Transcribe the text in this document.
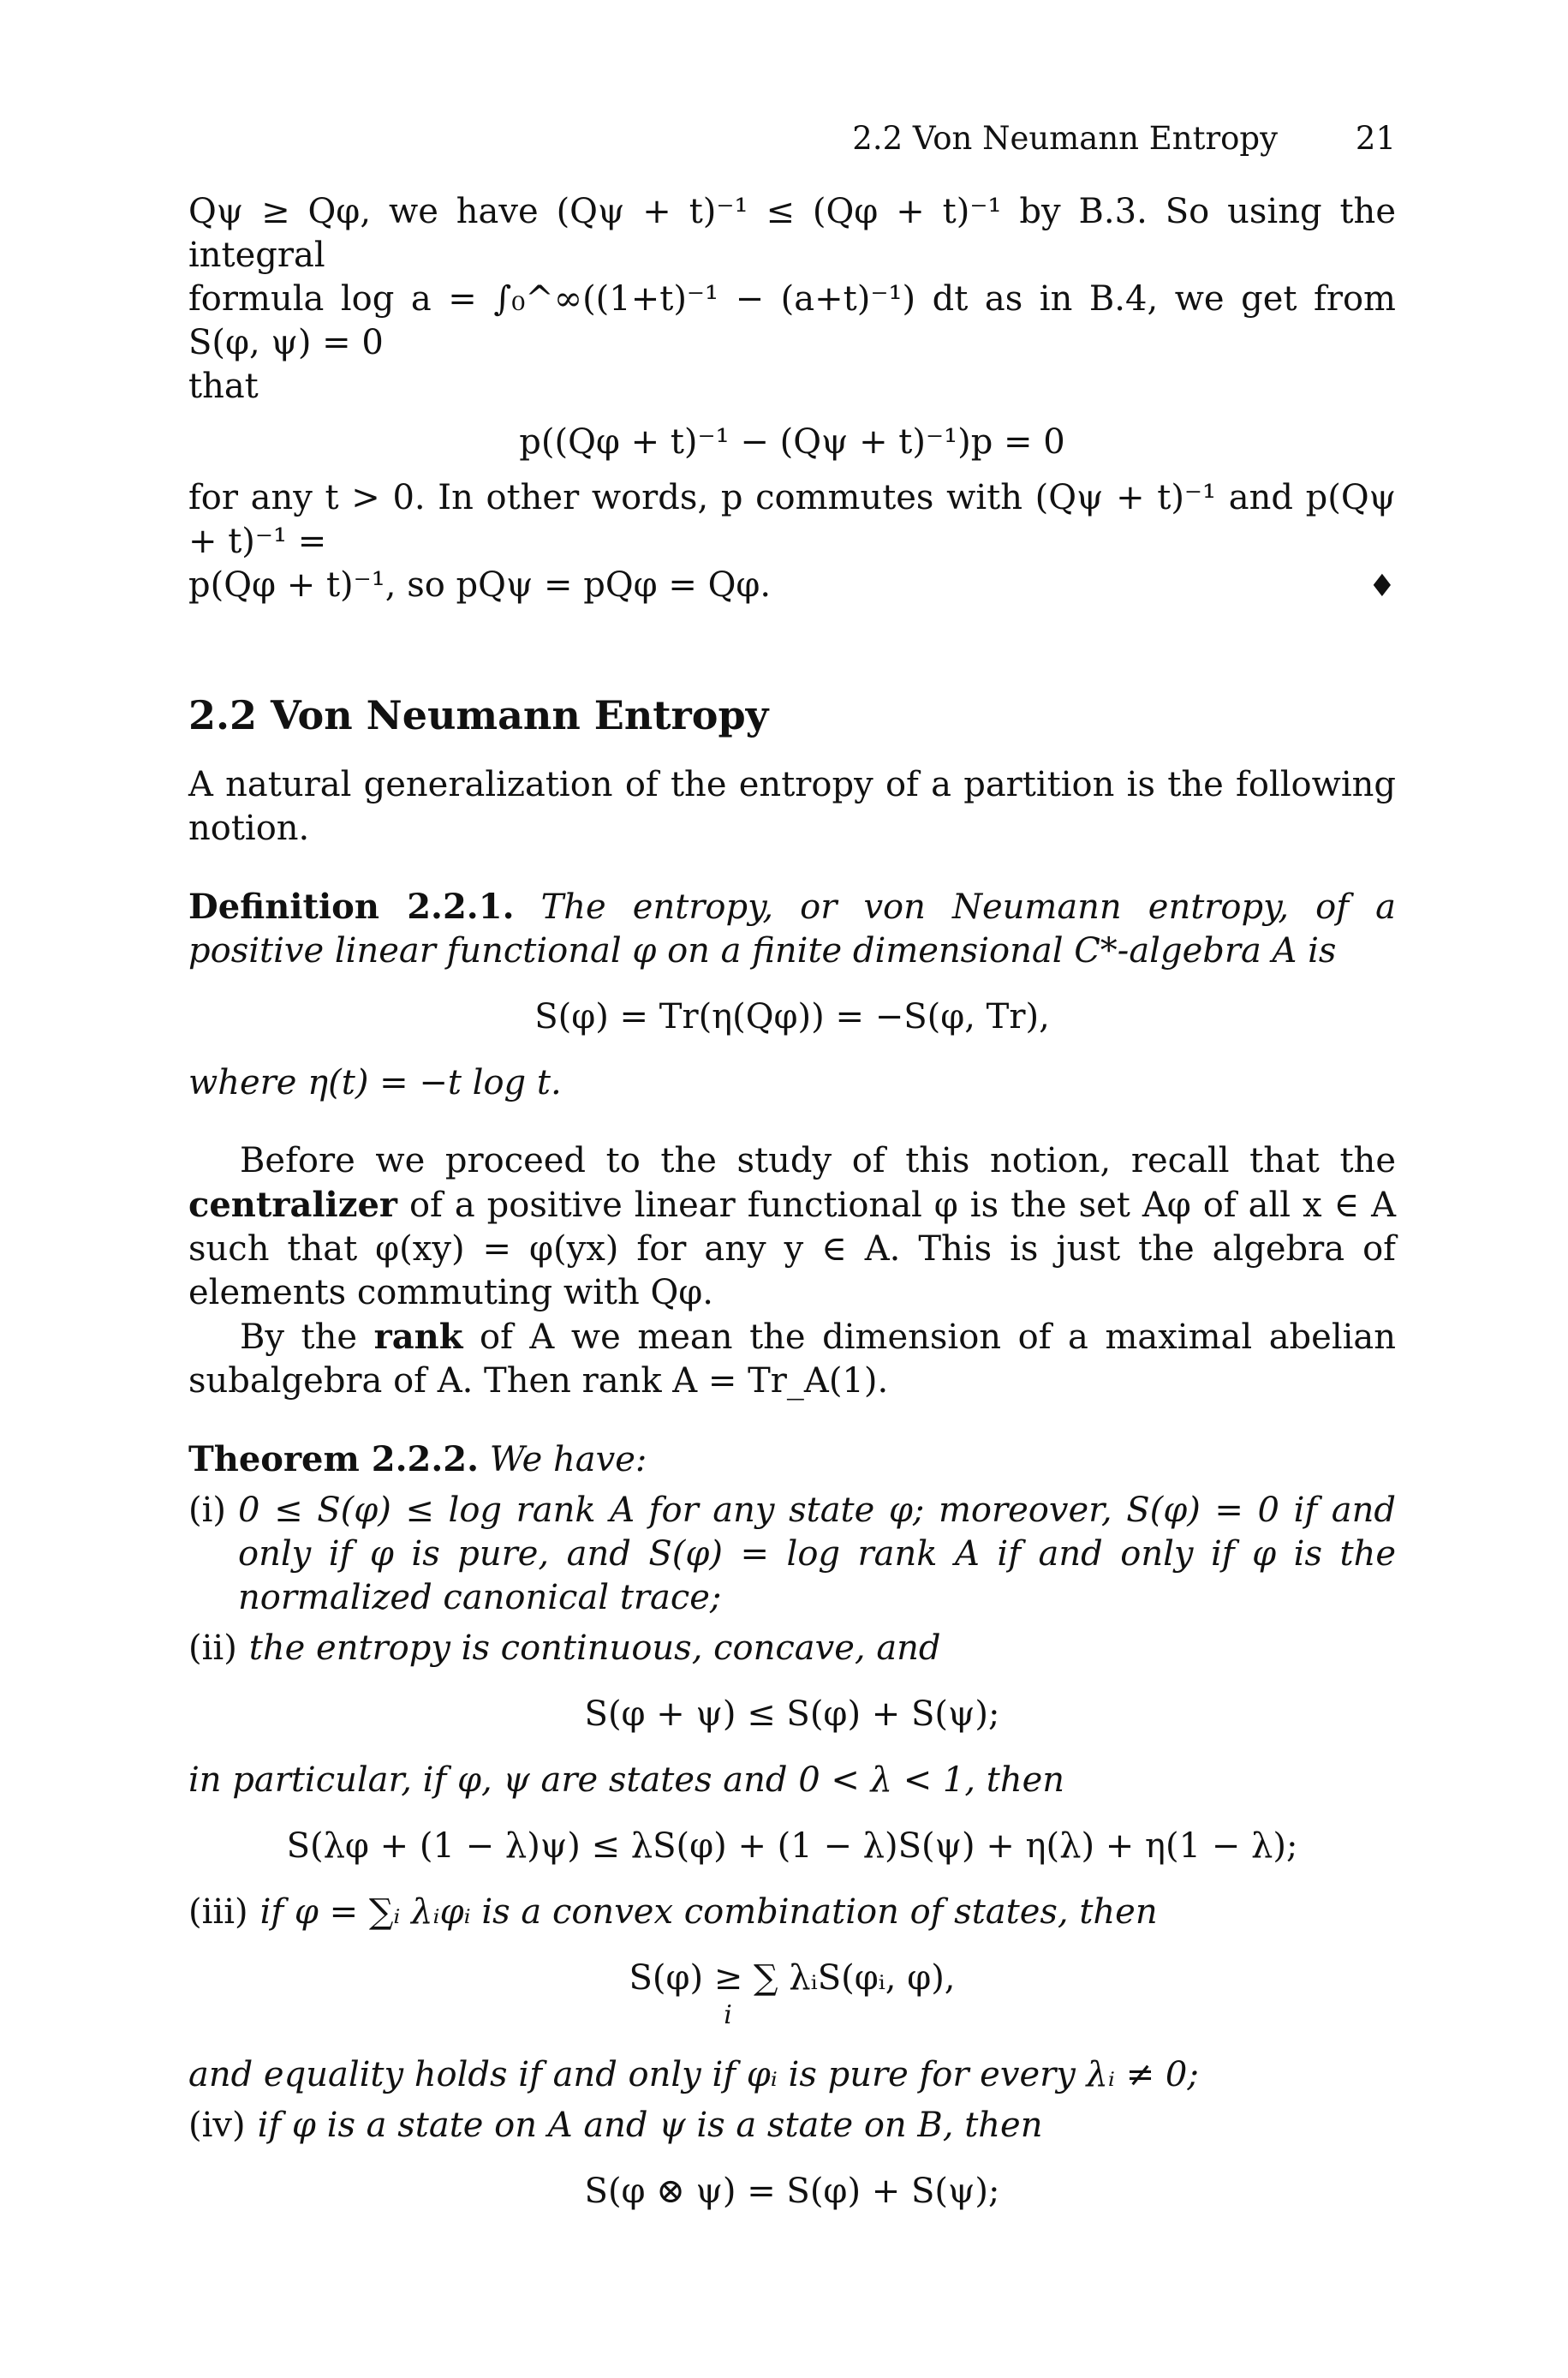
2.2 Von Neumann Entropy 21

Qψ ≥ Qφ, we have (Qψ + t)⁻¹ ≤ (Qφ + t)⁻¹ by B.3. So using the integral

formula log a = ∫₀^∞((1+t)⁻¹ − (a+t)⁻¹) dt as in B.4, we get from S(φ, ψ) = 0

that

p((Qφ + t)⁻¹ − (Qψ + t)⁻¹)p = 0

for any t > 0. In other words, p commutes with (Qψ + t)⁻¹ and p(Qψ + t)⁻¹ =

p(Qφ + t)⁻¹, so pQψ = pQφ = Qφ.	♦
2.2 Von Neumann Entropy

A natural generalization of the entropy of a partition is the following notion.

Definition 2.2.1. The entropy, or von Neumann entropy, of a positive linear functional φ on a finite dimensional C*-algebra A is

S(φ) = Tr(η(Qφ)) = −S(φ, Tr),

where η(t) = −t log t.

Before we proceed to the study of this notion, recall that the centralizer of a positive linear functional φ is the set Aφ of all x ∈ A such that φ(xy) = φ(yx) for any y ∈ A. This is just the algebra of elements commuting with Qφ.

By the rank of A we mean the dimension of a maximal abelian subalgebra of A. Then rank A = Tr_A(1).

Theorem 2.2.2. We have:

(i) 0 ≤ S(φ) ≤ log rank A for any state φ; moreover, S(φ) = 0 if and only if φ is pure, and S(φ) = log rank A if and only if φ is the normalized canonical trace;
(ii) the entropy is continuous, concave, and
S(φ + ψ) ≤ S(φ) + S(ψ);

in particular, if φ, ψ are states and 0 < λ < 1, then

S(λφ + (1 − λ)ψ) ≤ λS(φ) + (1 − λ)S(ψ) + η(λ) + η(1 − λ);
(iii) if φ = ∑ᵢ λᵢφᵢ is a convex combination of states, then
S(φ) ≥ ∑ λᵢS(φᵢ, φ),
i

and equality holds if and only if φᵢ is pure for every λᵢ ≠ 0;

(iv) if φ is a state on A and ψ is a state on B, then
S(φ ⊗ ψ) = S(φ) + S(ψ);
